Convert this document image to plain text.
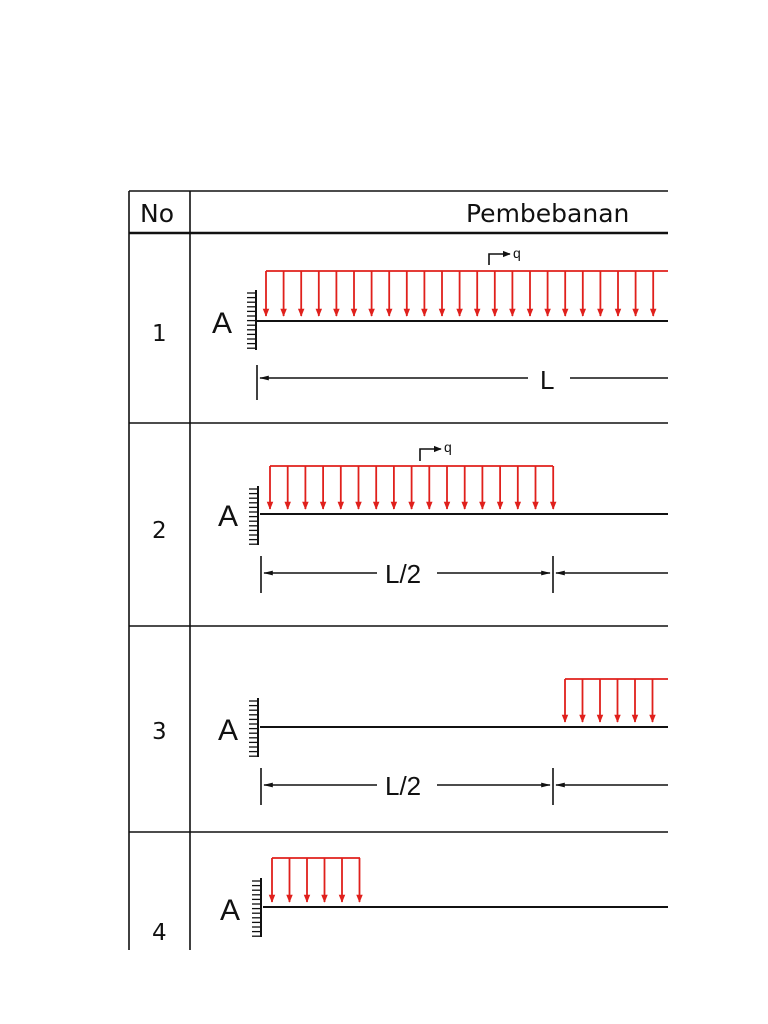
No	Pembebanan
1
2
3
4
A
A
A
A
q
q
L
L/2
L/2
